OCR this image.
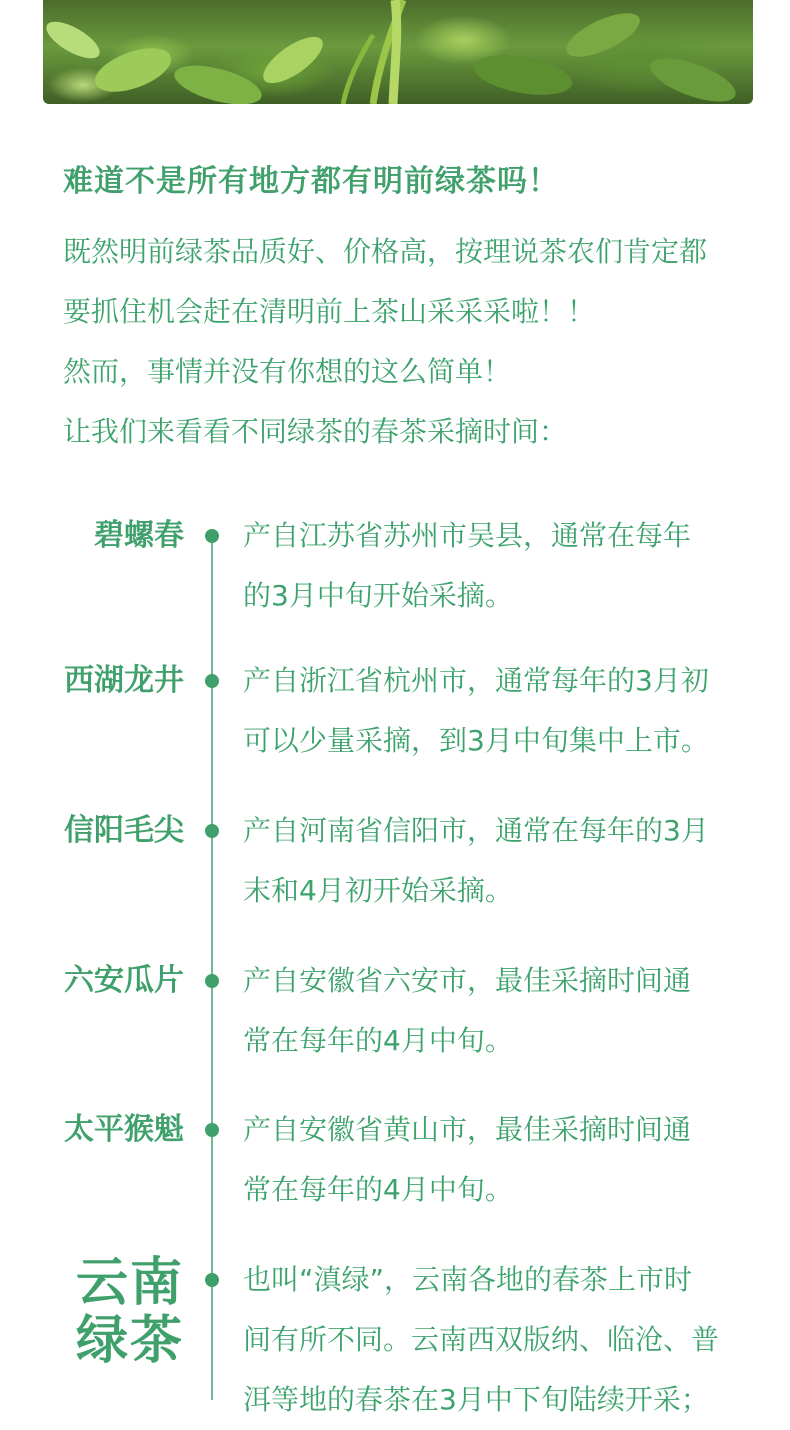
难道不是所有地方都有明前绿茶吗！

既然明前绿茶品质好、价格高，按理说茶农们肯定都

要抓住机会赶在清明前上茶山采采采啦！！

然而，事情并没有你想的这么简单！

让我们来看看不同绿茶的春茶采摘时间：

碧螺春 产自江苏省苏州市吴县，通常在每年
的3月中旬开始采摘。

西湖龙井 产自浙江省杭州市，通常每年的3月初
可以少量采摘，到3月中旬集中上市。

信阳毛尖 产自河南省信阳市，通常在每年的3月
末和4月初开始采摘。

六安瓜片 产自安徽省六安市，最佳采摘时间通
常在每年的4月中旬。

太平猴魁 产自安徽省黄山市，最佳采摘时间通
常在每年的4月中旬。

云南
绿茶

也叫“滇绿”，云南各地的春茶上市时
间有所不同。云南西双版纳、临沧、普
洱等地的春茶在3月中下旬陆续开采；
